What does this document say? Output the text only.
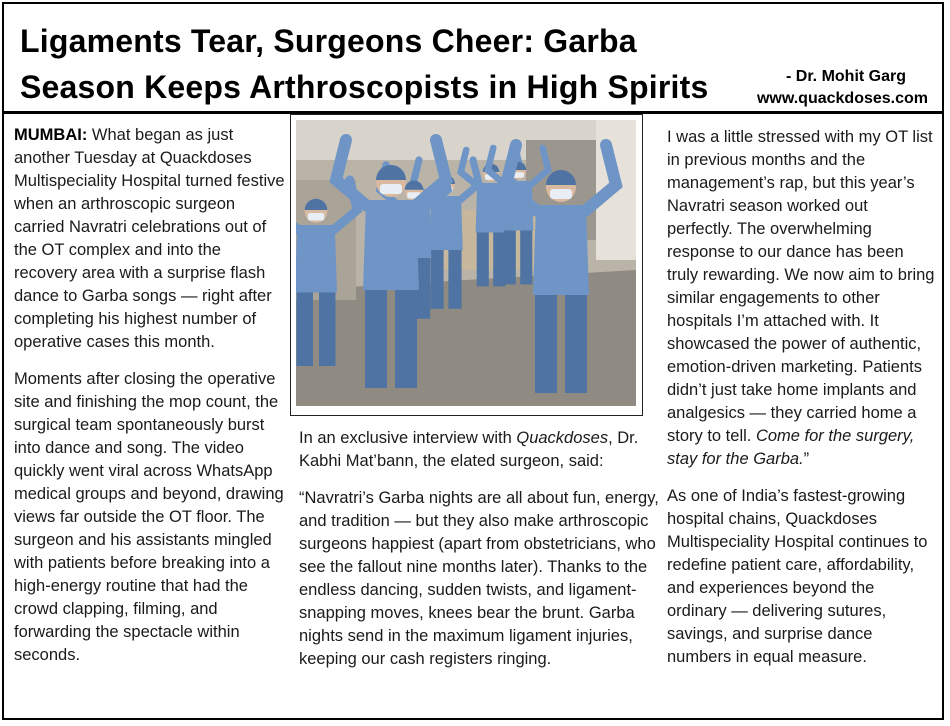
Ligaments Tear, Surgeons Cheer: Garba Season Keeps Arthroscopists in High Spirits	- Dr. Mohit Garg
www.quackdoses.com

MUMBAI: What began as just another Tuesday at Quackdoses Multispeciality Hospital turned festive when an arthroscopic surgeon carried Navratri celebrations out of the OT complex and into the recovery area with a surprise flash dance to Garba songs — right after completing his highest number of operative cases this month.

Moments after closing the operative site and finishing the mop count, the surgical team spontaneously burst into dance and song. The video quickly went viral across WhatsApp medical groups and beyond, drawing views far outside the OT floor. The surgeon and his assistants mingled with patients before breaking into a high-energy routine that had the crowd clapping, filming, and forwarding the spectacle within seconds.

In an exclusive interview with Quackdoses, Dr. Kabhi Mat’bann, the elated surgeon, said:

“Navratri’s Garba nights are all about fun, energy, and tradition — but they also make arthroscopic surgeons happiest (apart from obstetricians, who see the fallout nine months later). Thanks to the endless dancing, sudden twists, and ligament-snapping moves, knees bear the brunt. Garba nights send in the maximum ligament injuries, keeping our cash registers ringing.

I was a little stressed with my OT list in previous months and the management’s rap, but this year’s Navratri season worked out perfectly. The overwhelming response to our dance has been truly rewarding. We now aim to bring similar engagements to other hospitals I’m attached with. It showcased the power of authentic, emotion-driven marketing. Patients didn’t just take home implants and analgesics — they carried home a story to tell. Come for the surgery, stay for the Garba.”

As one of India’s fastest-growing hospital chains, Quackdoses Multispeciality Hospital continues to redefine patient care, affordability, and experiences beyond the ordinary — delivering sutures, savings, and surprise dance numbers in equal measure.
